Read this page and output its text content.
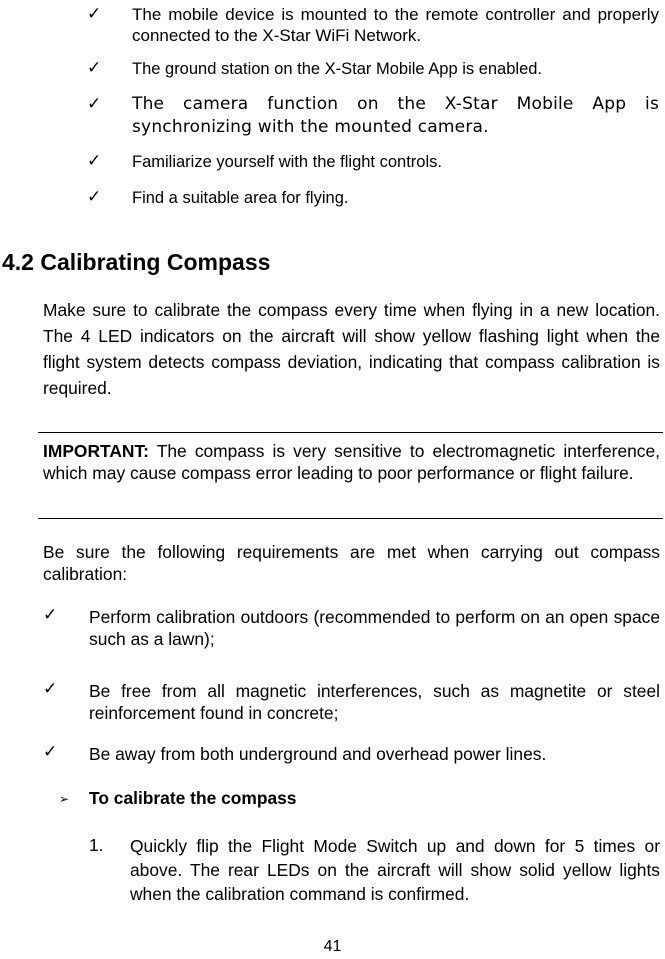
✓ The mobile device is mounted to the remote controller and properly connected to the X-Star WiFi Network.
✓ The ground station on the X-Star Mobile App is enabled.
✓ The camera function on the X-Star Mobile App is synchronizing with the mounted camera.
✓ Familiarize yourself with the flight controls.
✓ Find a suitable area for flying.
4.2 Calibrating Compass
Make sure to calibrate the compass every time when flying in a new location. The 4 LED indicators on the aircraft will show yellow flashing light when the flight system detects compass deviation, indicating that compass calibration is required.
IMPORTANT: The compass is very sensitive to electromagnetic interference, which may cause compass error leading to poor performance or flight failure.
Be sure the following requirements are met when carrying out compass calibration:
✓ Perform calibration outdoors (recommended to perform on an open space such as a lawn);
✓ Be free from all magnetic interferences, such as magnetite or steel reinforcement found in concrete;
✓ Be away from both underground and overhead power lines.
➢ To calibrate the compass
1. Quickly flip the Flight Mode Switch up and down for 5 times or above. The rear LEDs on the aircraft will show solid yellow lights when the calibration command is confirmed.
41
